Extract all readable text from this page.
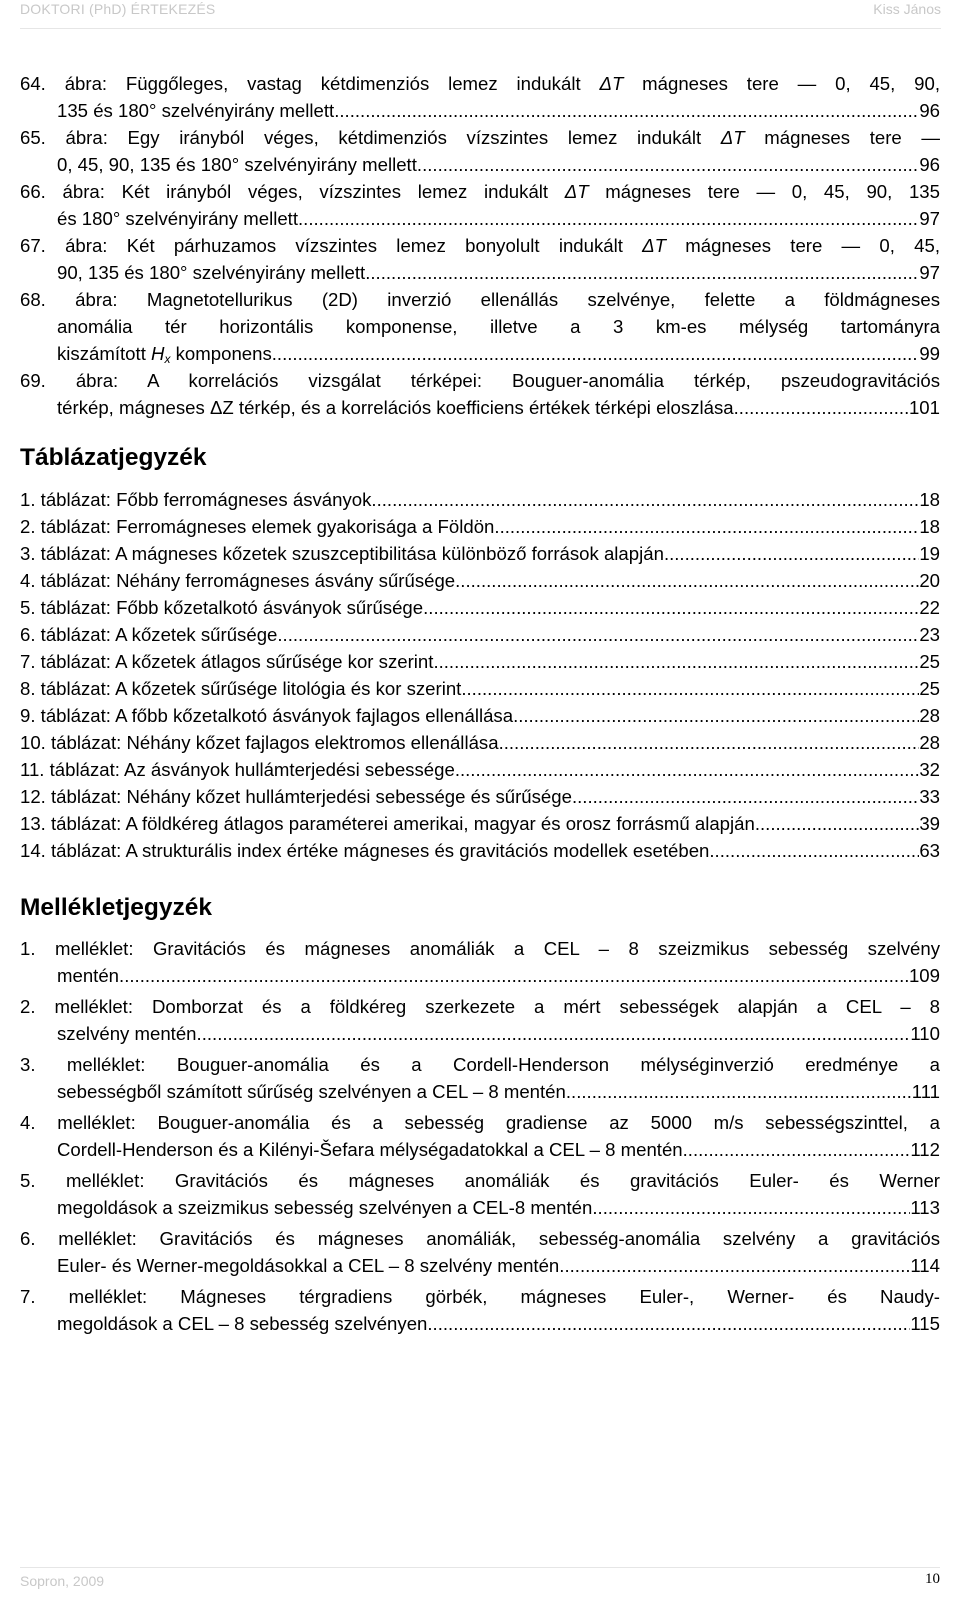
DOKTORI (PhD) ÉRTEKEZÉS	Kiss János
64. ábra: Függőleges, vastag kétdimenziós lemez indukált ΔT mágneses tere — 0, 45, 90,
135 és 180° szelvényirány mellett .....	96
65. ábra: Egy irányból véges, kétdimenziós vízszintes lemez indukált ΔT mágneses tere —
0, 45, 90, 135 és 180° szelvényirány mellett .....	96
66. ábra: Két irányból véges, vízszintes lemez indukált ΔT mágneses tere — 0, 45, 90, 135
és 180° szelvényirány mellett .....	97
67. ábra: Két párhuzamos vízszintes lemez bonyolult indukált ΔT mágneses tere — 0, 45,
90, 135 és 180° szelvényirány mellett .....	97
68. ábra: Magnetotellurikus (2D) inverzió ellenállás szelvénye, felette a földmágneses
anomália tér horizontális komponense, illetve a 3 km-es mélység tartományra
kiszámított $H_x$ komponens .....	99
69. ábra: A korrelációs vizsgálat térképei: Bouguer-anomália térkép, pszeudogravitációs
térkép, mágneses ΔZ térkép, és a korrelációs koefficiens értékek térképi eloszlása .....	101
Táblázatjegyzék
1. táblázat: Főbb ferromágneses ásványok .....	18
2. táblázat: Ferromágneses elemek gyakorisága a Földön .....	18
3. táblázat: A mágneses kőzetek szuszceptibilitása különböző források alapján .....	19
4. táblázat: Néhány ferromágneses ásvány sűrűsége .....	20
5. táblázat: Főbb kőzetalkotó ásványok sűrűsége .....	22
6. táblázat: A kőzetek sűrűsége .....	23
7. táblázat: A kőzetek átlagos sűrűsége kor szerint .....	25
8. táblázat: A kőzetek sűrűsége litológia és kor szerint .....	25
9. táblázat: A főbb kőzetalkotó ásványok fajlagos ellenállása .....	28
10. táblázat: Néhány kőzet fajlagos elektromos ellenállása .....	28
11. táblázat: Az ásványok hullámterjedési sebessége .....	32
12. táblázat: Néhány kőzet hullámterjedési sebessége és sűrűsége .....	33
13. táblázat: A földkéreg átlagos paraméterei amerikai, magyar és orosz forrásmű alapján .....	39
14. táblázat: A strukturális index értéke mágneses és gravitációs modellek esetében .....	63
Mellékletjegyzék
1. melléklet: Gravitációs és mágneses anomáliák a CEL – 8 szeizmikus sebesség szelvény
mentén .....	109
2. melléklet: Domborzat és a földkéreg szerkezete a mért sebességek alapján a CEL – 8
szelvény mentén .....	110
3. melléklet: Bouguer-anomália és a Cordell-Henderson mélységinverzió eredménye a
sebességből számított sűrűség szelvényen a CEL – 8 mentén .....	111
4. melléklet: Bouguer-anomália és a sebesség gradiense az 5000 m/s sebességszinttel, a
Cordell-Henderson és a Kilényi-Šefara mélységadatokkal a CEL – 8 mentén .....	112
5. melléklet: Gravitációs és mágneses anomáliák és gravitációs Euler- és Werner
megoldások a szeizmikus sebesség szelvényen a CEL-8 mentén .....	113
6. melléklet: Gravitációs és mágneses anomáliák, sebesség-anomália szelvény a gravitációs
Euler- és Werner-megoldásokkal a CEL – 8 szelvény mentén .....	114
7. melléklet: Mágneses térgradiens görbék, mágneses Euler-, Werner- és Naudy-
megoldások a CEL – 8 sebesség szelvényen .....	115
Sopron, 2009	10
